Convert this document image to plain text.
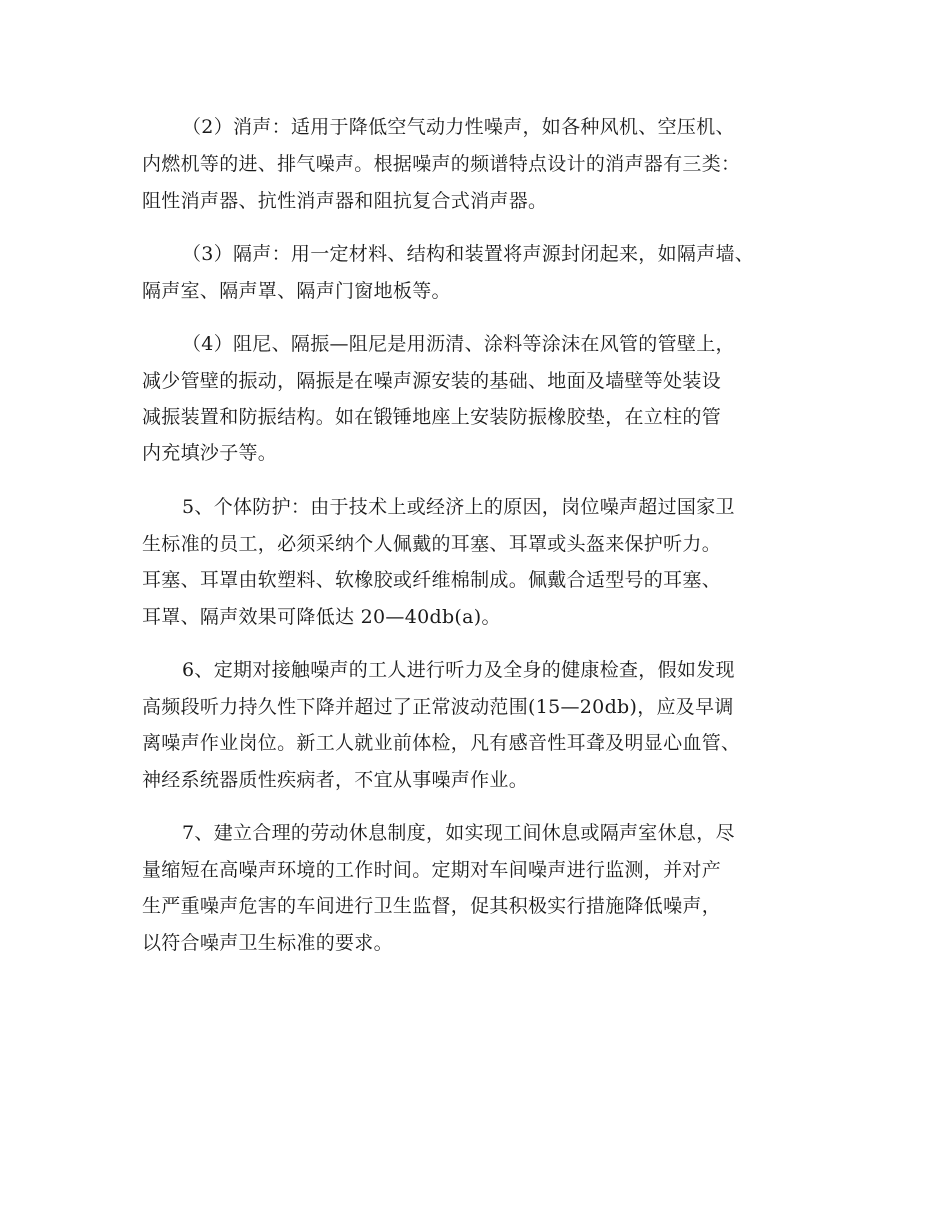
（2）消声：适用于降低空气动力性噪声，如各种风机、空压机、
内燃机等的进、排气噪声。根据噪声的频谱特点设计的消声器有三类：
阻性消声器、抗性消声器和阻抗复合式消声器。
（3）隔声：用一定材料、结构和装置将声源封闭起来，如隔声墙、
隔声室、隔声罩、隔声门窗地板等。
（4）阻尼、隔振—阻尼是用沥清、涂料等涂沫在风管的管壁上，
减少管壁的振动，隔振是在噪声源安装的基础、地面及墙壁等处装设
减振装置和防振结构。如在锻锤地座上安装防振橡胶垫，在立柱的管
内充填沙子等。
5、个体防护：由于技术上或经济上的原因，岗位噪声超过国家卫
生标准的员工，必须采纳个人佩戴的耳塞、耳罩或头盔来保护听力。
耳塞、耳罩由软塑料、软橡胶或纤维棉制成。佩戴合适型号的耳塞、
耳罩、隔声效果可降低达 20—40db(a)。
6、定期对接触噪声的工人进行听力及全身的健康检查，假如发现
高频段听力持久性下降并超过了正常波动范围(15—20db)，应及早调
离噪声作业岗位。新工人就业前体检，凡有感音性耳聋及明显心血管、
神经系统器质性疾病者，不宜从事噪声作业。
7、建立合理的劳动休息制度，如实现工间休息或隔声室休息，尽
量缩短在高噪声环境的工作时间。定期对车间噪声进行监测，并对产
生严重噪声危害的车间进行卫生监督，促其积极实行措施降低噪声，
以符合噪声卫生标准的要求。
